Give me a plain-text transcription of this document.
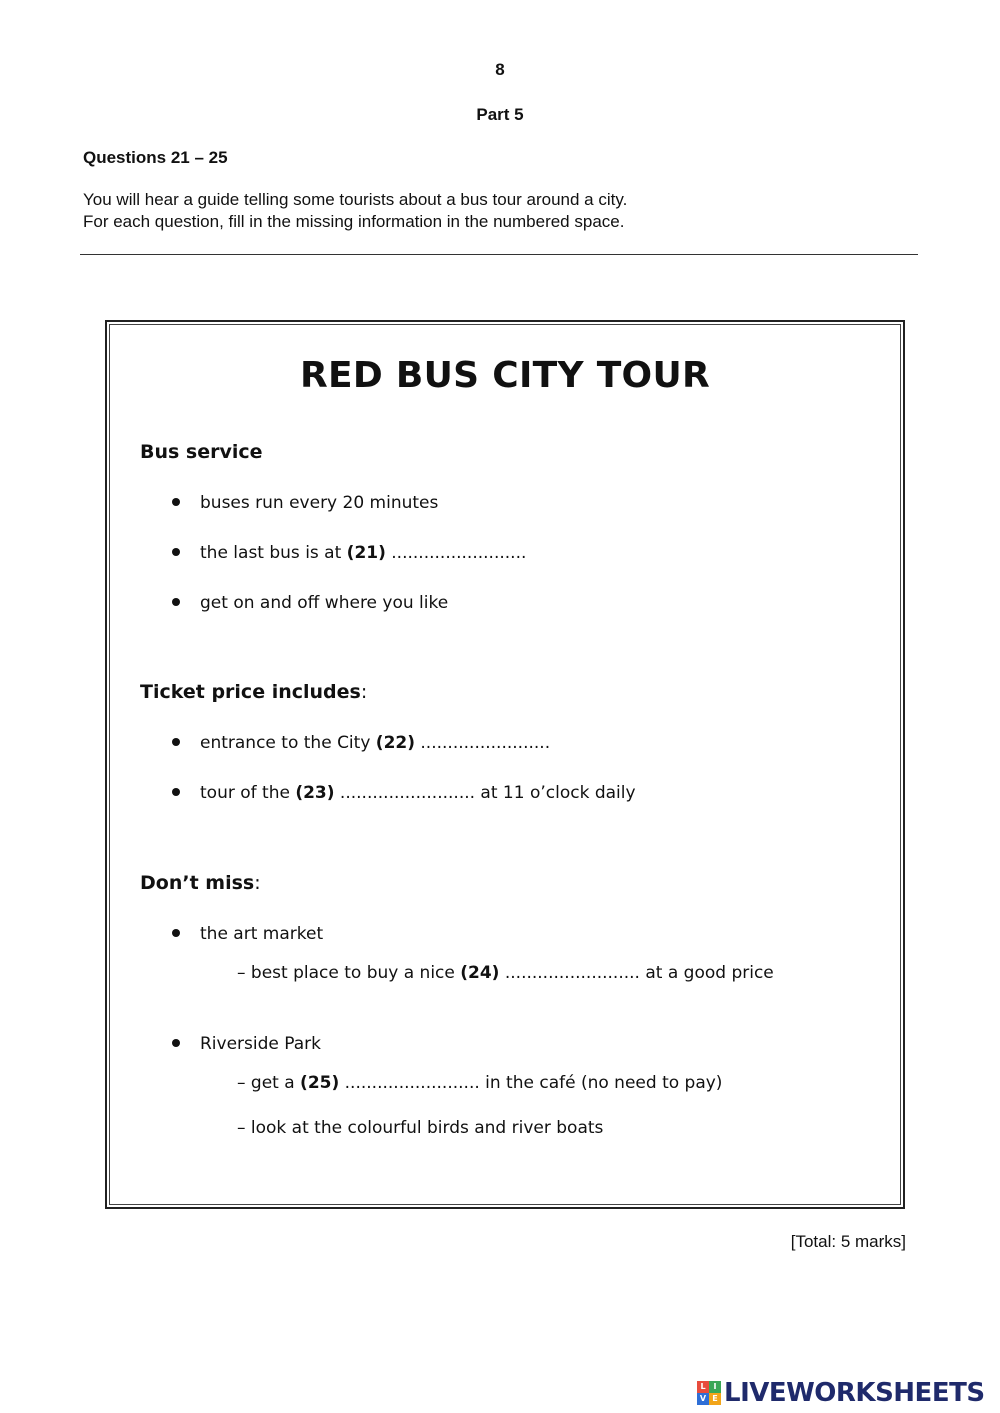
8
Part 5
Questions 21 – 25
You will hear a guide telling some tourists about a bus tour around a city.
For each question, fill in the missing information in the numbered space.
RED BUS CITY TOUR
Bus service
buses run every 20 minutes
the last bus is at (21) .........................
get on and off where you like
Ticket price includes:
entrance to the City (22) ........................
tour of the (23) ......................... at 11 o’clock daily
Don’t miss:
the art market
– best place to buy a nice (24) ......................... at a good price
Riverside Park
– get a (25) ......................... in the café (no need to pay)
– look at the colourful birds and river boats
[Total: 5 marks]
L I
V E LIVEWORKSHEETS
